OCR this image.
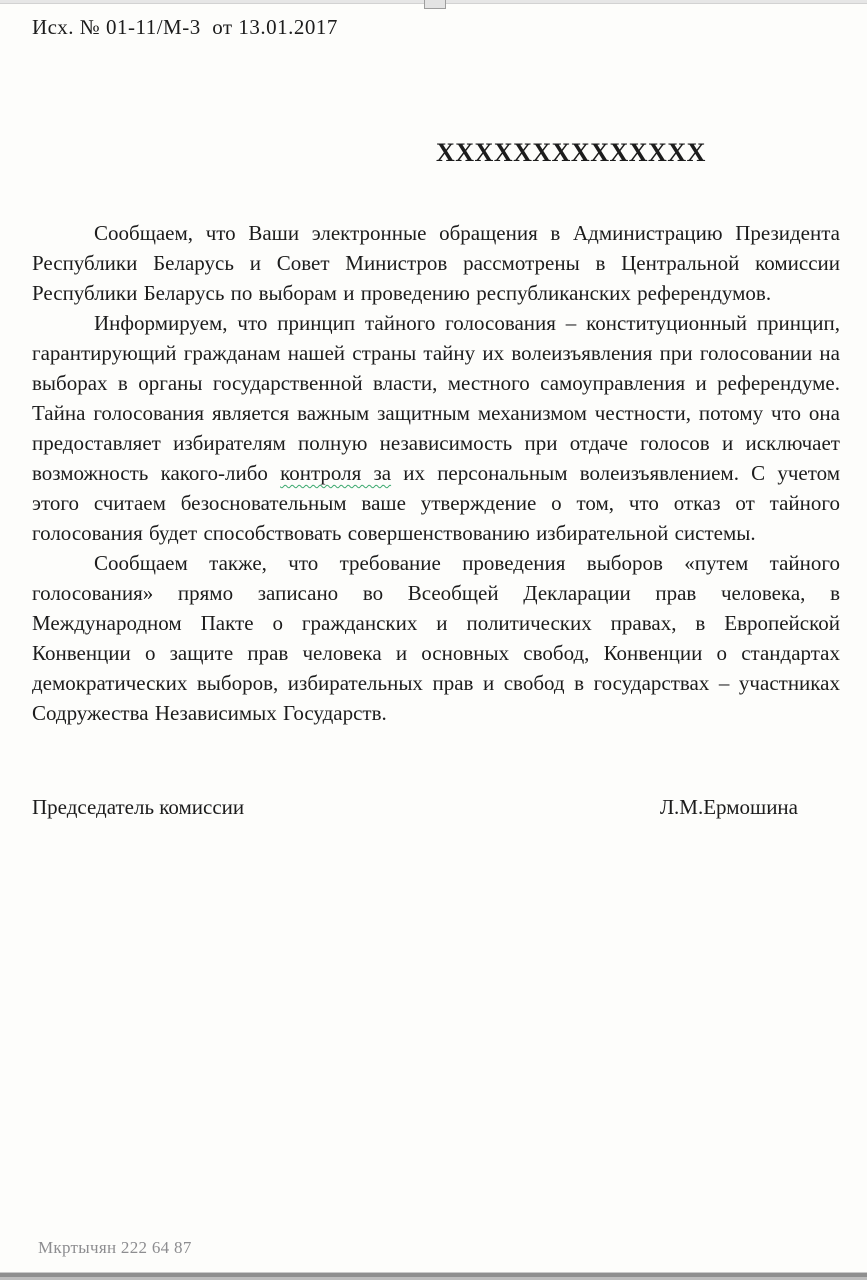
Исх. № 01-11/М-3  от 13.01.2017
ХХХХХХХХХХХХХХ

Сообщаем, что Ваши электронные обращения в Администрацию Президента Республики Беларусь и Совет Министров рассмотрены в Центральной комиссии Республики Беларусь по выборам и проведению республиканских референдумов.

Информируем, что принцип тайного голосования – конституционный принцип, гарантирующий гражданам нашей страны тайну их волеизъявления при голосовании на выборах в органы государственной власти, местного самоуправления и референдуме. Тайна голосования является важным защитным механизмом честности, потому что она предоставляет избирателям полную независимость при отдаче голосов и исключает возможность какого-либо контроля за их персональным волеизъявлением. С учетом этого считаем безосновательным ваше утверждение о том, что отказ от тайного голосования будет способствовать совершенствованию избирательной системы.

Сообщаем также, что требование проведения выборов «путем тайного голосования» прямо записано во Всеобщей Декларации прав человека, в Международном Пакте о гражданских и политических правах, в Европейской Конвенции о защите прав человека и основных свобод, Конвенции о стандартах демократических выборов, избирательных прав и свобод в государствах – участниках Содружества Независимых Государств.

Председатель комиссии	Л.М.Ермошина
Мкртычян 222 64 87
